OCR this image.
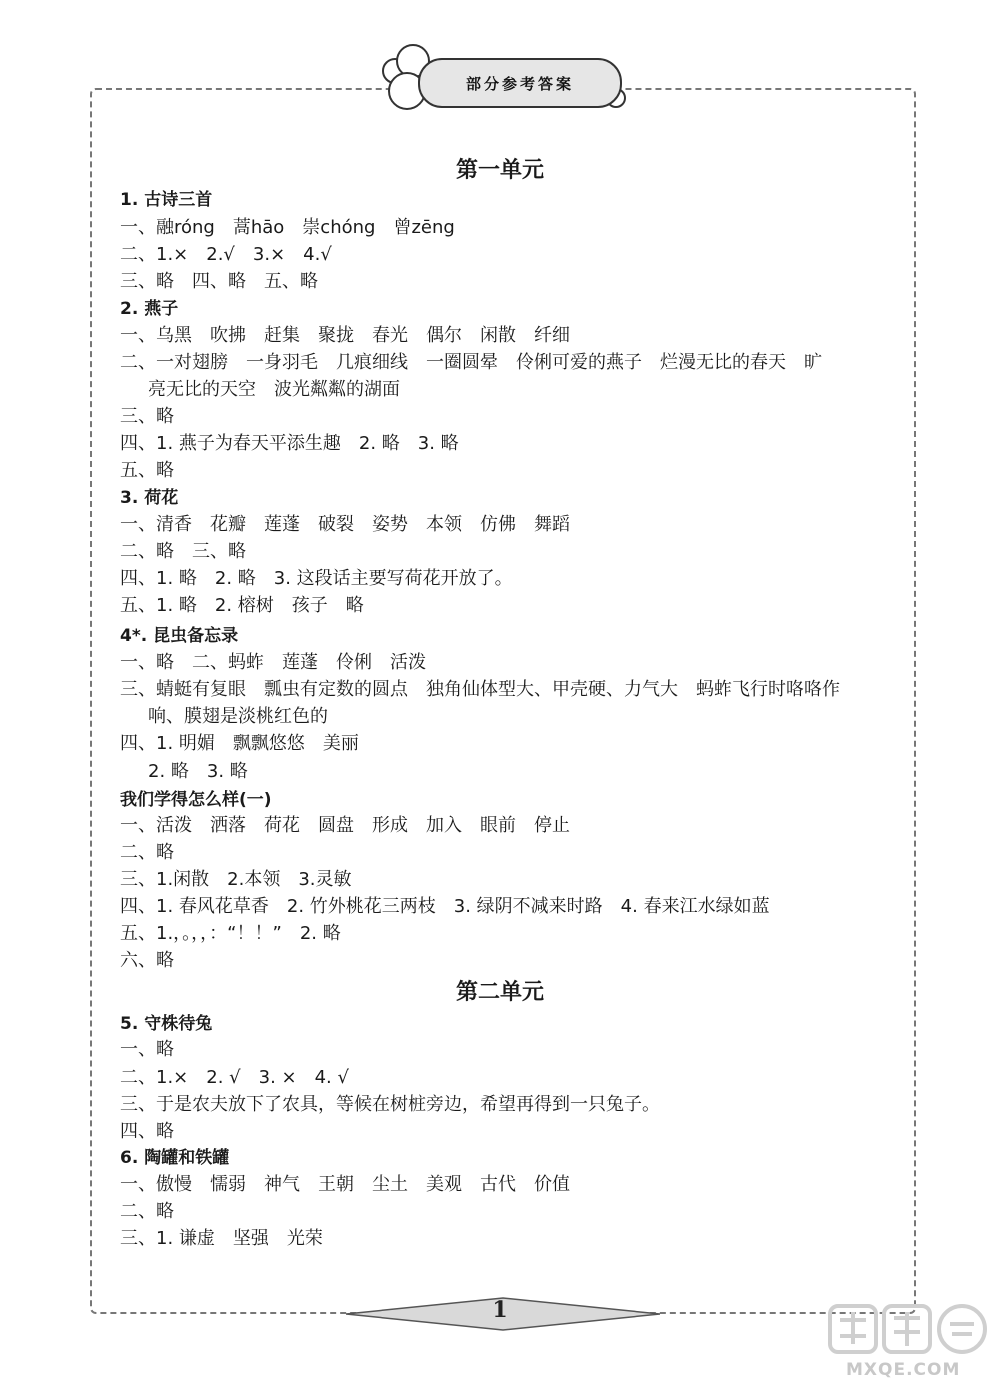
部分参考答案
第一单元
第二单元
1. 古诗三首
一、融róng　蒿hāo　崇chóng　曾zēng
二、1.×　2.√　3.×　4.√
三、略　四、略　五、略
2. 燕子
一、乌黑　吹拂　赶集　聚拢　春光　偶尔　闲散　纤细
二、一对翅膀　一身羽毛　几痕细线　一圈圆晕　伶俐可爱的燕子　烂漫无比的春天　旷
亮无比的天空　波光粼粼的湖面
三、略
四、1. 燕子为春天平添生趣　2. 略　3. 略
五、略
3. 荷花
一、清香　花瓣　莲蓬　破裂　姿势　本领　仿佛　舞蹈
二、略　三、略
四、1. 略　2. 略　3. 这段话主要写荷花开放了。
五、1. 略　2. 榕树　孩子　略
4*. 昆虫备忘录
一、略　二、蚂蚱　莲蓬　伶俐　活泼
三、蜻蜓有复眼　瓢虫有定数的圆点　独角仙体型大、甲壳硬、力气大　蚂蚱飞行时咯咯作
响、膜翅是淡桃红色的
四、1. 明媚　飘飘悠悠　美丽
2. 略　3. 略
我们学得怎么样(一)
一、活泼　洒落　荷花　圆盘　形成　加入　眼前　停止
二、略
三、1.闲散　2.本领　3.灵敏
四、1. 春风花草香　2. 竹外桃花三两枝　3. 绿阴不减来时路　4. 春来江水绿如蓝
五、1.，。，，：“！！”　2. 略
六、略
5. 守株待兔
一、略
二、1.×　2. √　3. ×　4. √
三、于是农夫放下了农具，等候在树桩旁边，希望再得到一只兔子。
四、略
6. 陶罐和铁罐
一、傲慢　懦弱　神气　王朝　尘土　美观　古代　价值
二、略
三、1. 谦虚　坚强　光荣
1
MXQE.COM
